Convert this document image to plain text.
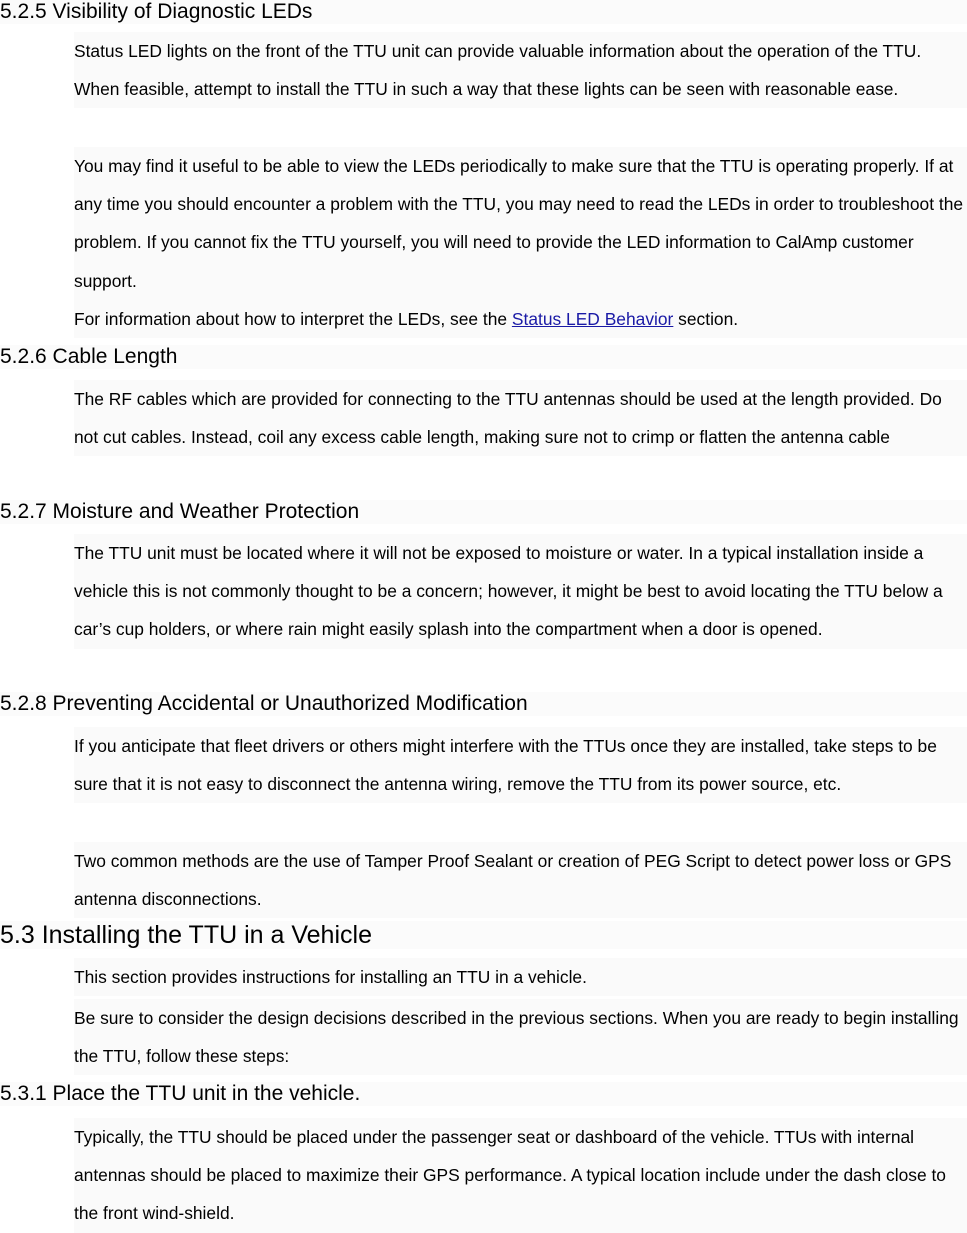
5.2.5 Visibility of Diagnostic LEDs

Status LED lights on the front of the TTU unit can provide valuable information about the operation of the TTU. When feasible, attempt to install the TTU in such a way that these lights can be seen with reasonable ease.

You may find it useful to be able to view the LEDs periodically to make sure that the TTU is operating properly. If at any time you should encounter a problem with the TTU, you may need to read the LEDs in order to troubleshoot the problem. If you cannot fix the TTU yourself, you will need to provide the LED information to CalAmp customer support.

For information about how to interpret the LEDs, see the Status LED Behavior section.

5.2.6 Cable Length

The RF cables which are provided for connecting to the TTU antennas should be used at the length provided. Do not cut cables. Instead, coil any excess cable length, making sure not to crimp or flatten the antenna cable

5.2.7 Moisture and Weather Protection

The TTU unit must be located where it will not be exposed to moisture or water. In a typical installation inside a vehicle this is not commonly thought to be a concern; however, it might be best to avoid locating the TTU below a car’s cup holders, or where rain might easily splash into the compartment when a door is opened.

5.2.8 Preventing Accidental or Unauthorized Modification

If you anticipate that fleet drivers or others might interfere with the TTUs once they are installed, take steps to be sure that it is not easy to disconnect the antenna wiring, remove the TTU from its power source, etc.

Two common methods are the use of Tamper Proof Sealant or creation of PEG Script to detect power loss or GPS antenna disconnections.

5.3 Installing the TTU in a Vehicle

This section provides instructions for installing an TTU in a vehicle.

Be sure to consider the design decisions described in the previous sections. When you are ready to begin installing the TTU, follow these steps:

5.3.1 Place the TTU unit in the vehicle.

Typically, the TTU should be placed under the passenger seat or dashboard of the vehicle. TTUs with internal antennas should be placed to maximize their GPS performance. A typical location include under the dash close to the front wind-shield.
